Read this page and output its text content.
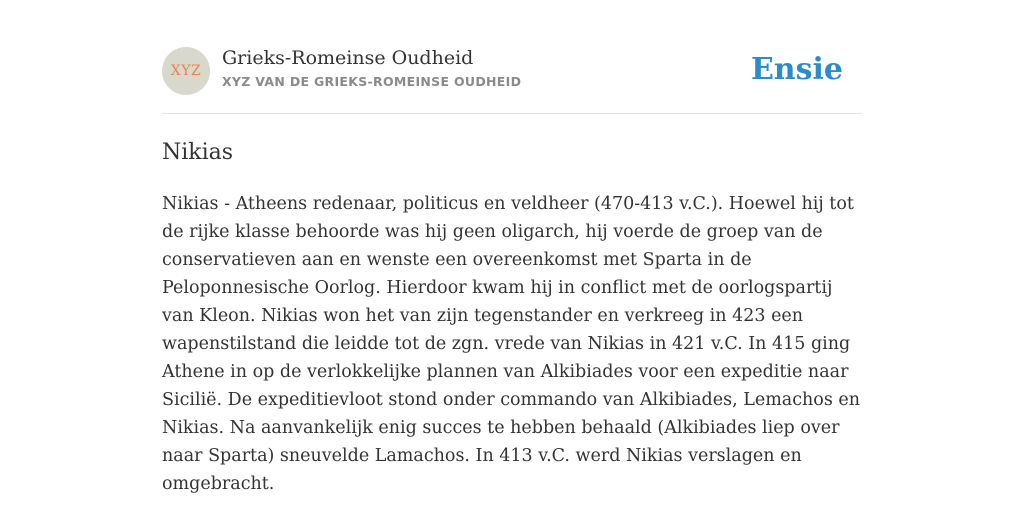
XYZ
Grieks-Romeinse Oudheid
XYZ VAN DE GRIEKS-ROMEINSE OUDHEID	Ensie
Nikias

Nikias - Atheens redenaar, politicus en veldheer (470-413 v.C.). Hoewel hij tot de rijke klasse behoorde was hij geen oligarch, hij voerde de groep van de conservatieven aan en wenste een overeenkomst met Sparta in de Peloponnesische Oorlog. Hierdoor kwam hij in conflict met de oorlogspartij van Kleon. Nikias won het van zijn tegenstander en verkreeg in 423 een wapenstilstand die leidde tot de zgn. vrede van Nikias in 421 v.C. In 415 ging Athene in op de verlokkelijke plannen van Alkibiades voor een expeditie naar Sicilië. De expeditievloot stond onder commando van Alkibiades, Lemachos en Nikias. Na aanvankelijk enig succes te hebben behaald (Alkibiades liep over naar Sparta) sneuvelde Lamachos. In 413 v.C. werd Nikias verslagen en omgebracht.
